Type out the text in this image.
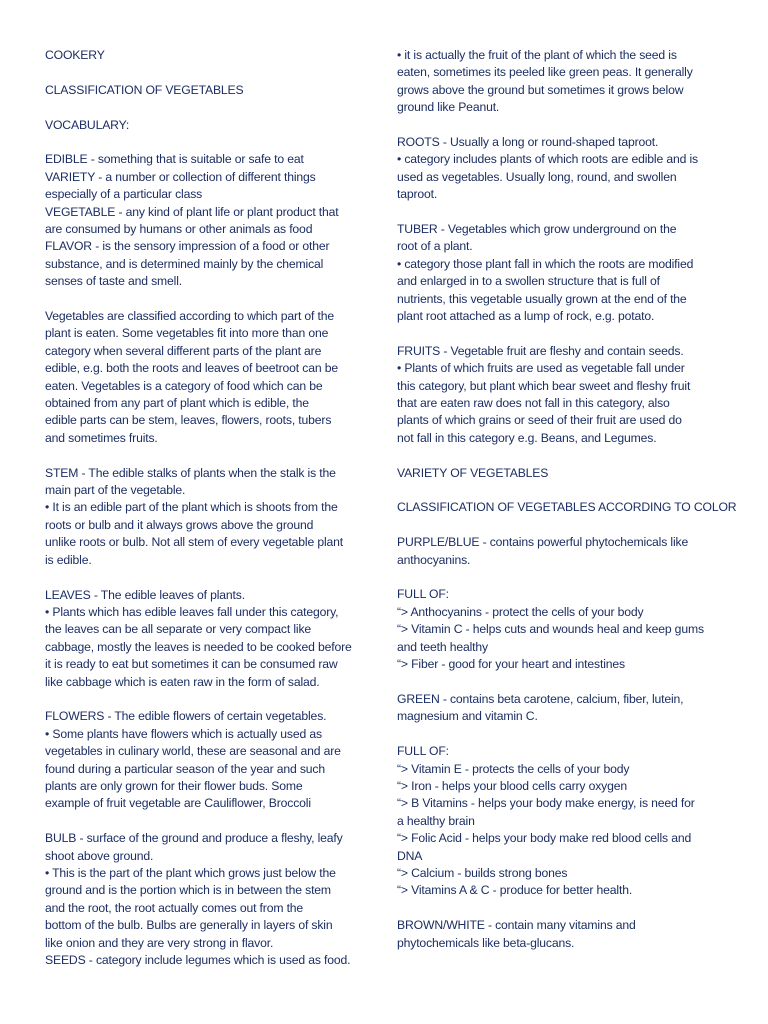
COOKERY
CLASSIFICATION OF VEGETABLES
VOCABULARY:
EDIBLE - something that is suitable or safe to eat
VARIETY - a number or collection of different things
especially of a particular class
VEGETABLE - any kind of plant life or plant product that
are consumed by humans or other animals as food
FLAVOR - is the sensory impression of a food or other
substance, and is determined mainly by the chemical
senses of taste and smell.
Vegetables are classified according to which part of the
plant is eaten. Some vegetables fit into more than one
category when several different parts of the plant are
edible, e.g. both the roots and leaves of beetroot can be
eaten. Vegetables is a category of food which can be
obtained from any part of plant which is edible, the
edible parts can be stem, leaves, flowers, roots, tubers
and sometimes fruits.
STEM - The edible stalks of plants when the stalk is the
main part of the vegetable.
• It is an edible part of the plant which is shoots from the
roots or bulb and it always grows above the ground
unlike roots or bulb. Not all stem of every vegetable plant
is edible.
LEAVES - The edible leaves of plants.
• Plants which has edible leaves fall under this category,
the leaves can be all separate or very compact like
cabbage, mostly the leaves is needed to be cooked before
it is ready to eat but sometimes it can be consumed raw
like cabbage which is eaten raw in the form of salad.
FLOWERS - The edible flowers of certain vegetables.
• Some plants have flowers which is actually used as
vegetables in culinary world, these are seasonal and are
found during a particular season of the year and such
plants are only grown for their flower buds. Some
example of fruit vegetable are Cauliflower, Broccoli
BULB - surface of the ground and produce a fleshy, leafy
shoot above ground.
• This is the part of the plant which grows just below the
ground and is the portion which is in between the stem
and the root, the root actually comes out from the
bottom of the bulb. Bulbs are generally in layers of skin
like onion and they are very strong in flavor.
SEEDS - category include legumes which is used as food.
• it is actually the fruit of the plant of which the seed is
eaten, sometimes its peeled like green peas. It generally
grows above the ground but sometimes it grows below
ground like Peanut.
ROOTS - Usually a long or round-shaped taproot.
• category includes plants of which roots are edible and is
used as vegetables. Usually long, round, and swollen
taproot.
TUBER - Vegetables which grow underground on the
root of a plant.
• category those plant fall in which the roots are modified
and enlarged in to a swollen structure that is full of
nutrients, this vegetable usually grown at the end of the
plant root attached as a lump of rock, e.g. potato.
FRUITS - Vegetable fruit are fleshy and contain seeds.
• Plants of which fruits are used as vegetable fall under
this category, but plant which bear sweet and fleshy fruit
that are eaten raw does not fall in this category, also
plants of which grains or seed of their fruit are used do
not fall in this category e.g. Beans, and Legumes.
VARIETY OF VEGETABLES
CLASSIFICATION OF VEGETABLES ACCORDING TO COLOR
PURPLE/BLUE - contains powerful phytochemicals like
anthocyanins.
FULL OF:
“> Anthocyanins - protect the cells of your body
“> Vitamin C - helps cuts and wounds heal and keep gums
and teeth healthy
“> Fiber - good for your heart and intestines
GREEN - contains beta carotene, calcium, fiber, lutein,
magnesium and vitamin C.
FULL OF:
“> Vitamin E - protects the cells of your body
“> Iron - helps your blood cells carry oxygen
“> B Vitamins - helps your body make energy, is need for
a healthy brain
“> Folic Acid - helps your body make red blood cells and
DNA
“> Calcium - builds strong bones
“> Vitamins A & C - produce for better health.
BROWN/WHITE - contain many vitamins and
phytochemicals like beta-glucans.
